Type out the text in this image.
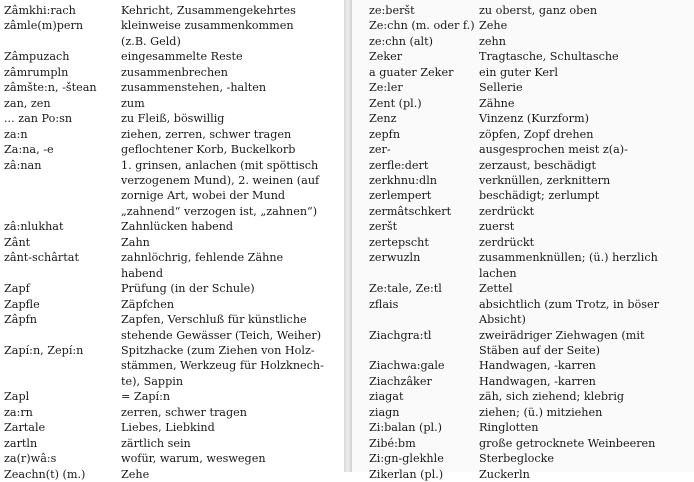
Zâmkhi:rach	Kehricht, Zusammengekehrtes
zâmle(m)pern	kleinweise zusammenkommen
(z.B. Geld)
Zâmpuzach	eingesammelte Reste
zâmrumpln	zusammenbrechen
zâmšte:n, -štean	zusammenstehen, -halten
zan, zen	zum
... zan Po:sn	zu Fleiß, böswillig
za:n	ziehen, zerren, schwer tragen
Za:na, -e	geflochtener Korb, Buckelkorb
zâ:nan	1. grinsen, anlachen (mit spöttisch
verzogenem Mund), 2. weinen (auf
zornige Art, wobei der Mund
„zahnend“ verzogen ist, „zahnen“)
zâ:nlukhat	Zahnlücken habend
Zânt	Zahn
zânt-schârtat	zahnlöchrig, fehlende Zähne
habend
Zapf	Prüfung (in der Schule)
Zapfle	Zäpfchen
Zâpfn	Zapfen, Verschluß für künstliche
stehende Gewässer (Teich, Weiher)
Zapí:n, Zepí:n	Spitzhacke (zum Ziehen von Holz-
stämmen, Werkzeug für Holzknech-
te), Sappin
Zapl	= Zapí:n
za:rn	zerren, schwer tragen
Zartale	Liebes, Liebkind
zartln	zärtlich sein
za(r)wâ:s	wofür, warum, weswegen
Zeachn(t) (m.)	Zehe
ze:beršt	zu oberst, ganz oben
Ze:chn (m. oder f.) Zehe
ze:chn (alt)	zehn
Zeker	Tragtasche, Schultasche
a guater Zeker	ein guter Kerl
Ze:ler	Sellerie
Zent (pl.)	Zähne
Zenz	Vinzenz (Kurzform)
zepfn	zöpfen, Zopf drehen
zer-	ausgesprochen meist z(a)-
zerfle:dert	zerzaust, beschädigt
zerkhnu:dln	verknüllen, zerknittern
zerlempert	beschädigt; zerlumpt
zermâtschkert	zerdrückt
zeršt	zuerst
zertepscht	zerdrückt
zerwuzln	zusammenknüllen; (ü.) herzlich
lachen
Ze:tale, Ze:tl	Zettel
zflais	absichtlich (zum Trotz, in böser
Absicht)
Ziachgra:tl	zweirädriger Ziehwagen (mit
Stäben auf der Seite)
Ziachwa:gale	Handwagen, -karren
Ziachzâker	Handwagen, -karren
ziagat	zäh, sich ziehend; klebrig
ziagn	ziehen; (ü.) mitziehen
Zi:balan (pl.)	Ringlotten
Zibé:bm	große getrocknete Weinbeeren
Zi:gn-glekhle	Sterbeglocke
Zikerlan (pl.)	Zuckerln
